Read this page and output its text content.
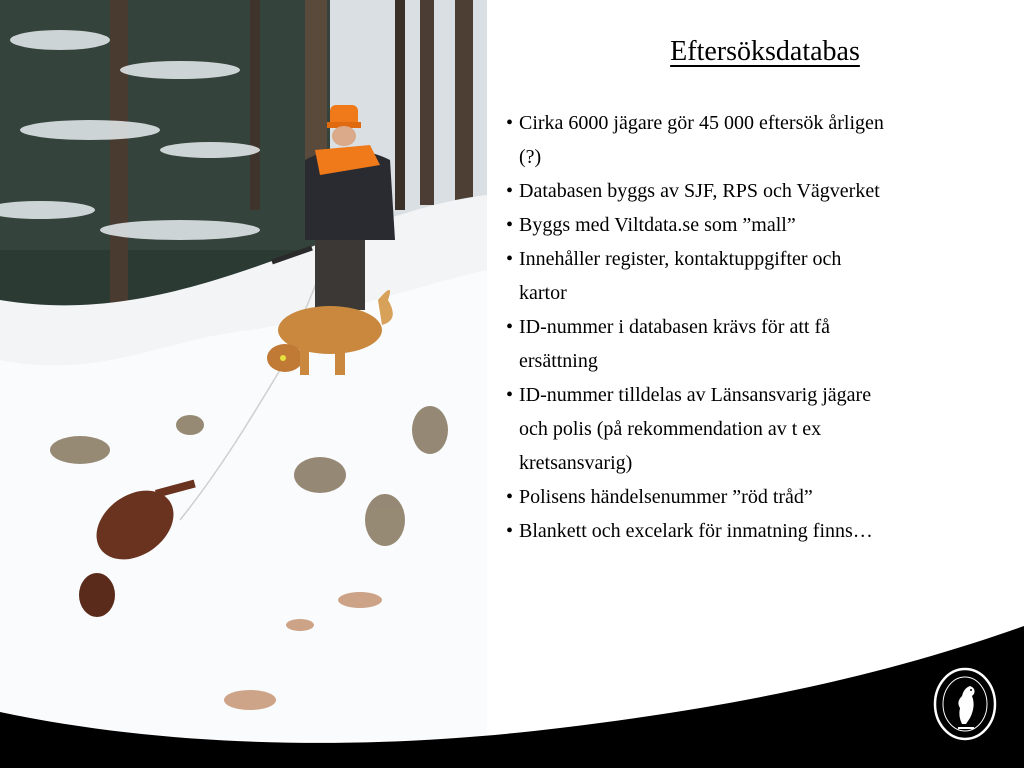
Eftersöksdatabas
• Cirka 6000 jägare gör 45 000 eftersök årligen (?)
• Databasen byggs av SJF, RPS och Vägverket
• Byggs med Viltdata.se som ”mall”
• Innehåller register, kontaktuppgifter och kartor
• ID-nummer i databasen krävs för att få ersättning
• ID-nummer tilldelas av Länsansvarig jägare och polis (på rekommendation av t ex kretsansvarig)
• Polisens händelsenummer ”röd tråd”
• Blankett och excelark för inmatning finns…
